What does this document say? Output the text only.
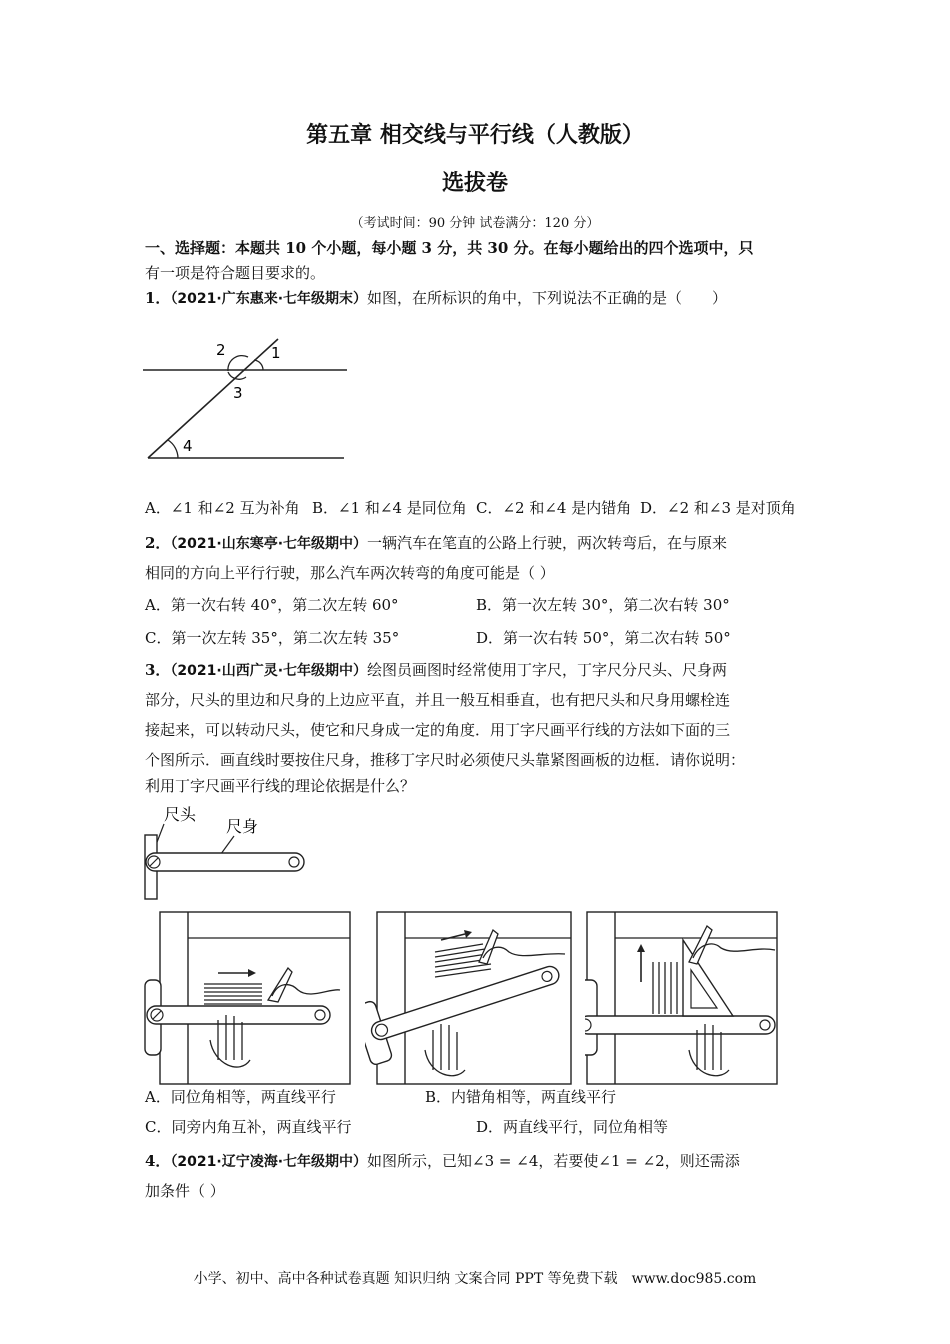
第五章 相交线与平行线（人教版）
选拔卷
（考试时间：90 分钟 试卷满分：120 分）
一、选择题：本题共 10 个小题，每小题 3 分，共 30 分。在每小题给出的四个选项中，只
有一项是符合题目要求的。
1．（2021·广东惠来·七年级期末）如图，在所标识的角中，下列说法不正确的是（　　）
2	1
3
4
A．∠1 和∠2 互为补角 B．∠1 和∠4 是同位角 C．∠2 和∠4 是内错角 D．∠2 和∠3 是对顶角
2．（2021·山东寒亭·七年级期中）一辆汽车在笔直的公路上行驶，两次转弯后，在与原来
相同的方向上平行行驶，那么汽车两次转弯的角度可能是（ ）
A．第一次右转 40°，第二次左转 60°	B．第一次左转 30°，第二次右转 30°
C．第一次左转 35°，第二次左转 35°	D．第一次右转 50°，第二次右转 50°
3．（2021·山西广灵·七年级期中）绘图员画图时经常使用丁字尺，丁字尺分尺头、尺身两
部分，尺头的里边和尺身的上边应平直，并且一般互相垂直，也有把尺头和尺身用螺栓连
接起来，可以转动尺头，使它和尺身成一定的角度．用丁字尺画平行线的方法如下面的三
个图所示．画直线时要按住尺身，推移丁字尺时必须使尺头靠紧图画板的边框．请你说明：
利用丁字尺画平行线的理论依据是什么？
尺头
尺身
A．同位角相等，两直线平行	B．内错角相等，两直线平行
C．同旁内角互补，两直线平行	D．两直线平行，同位角相等
4．（2021·辽宁凌海·七年级期中）如图所示，已知∠3 = ∠4，若要使∠1 = ∠2，则还需添
加条件（ ）
小学、初中、高中各种试卷真题 知识归纳 文案合同 PPT 等免费下载　www.doc985.com
